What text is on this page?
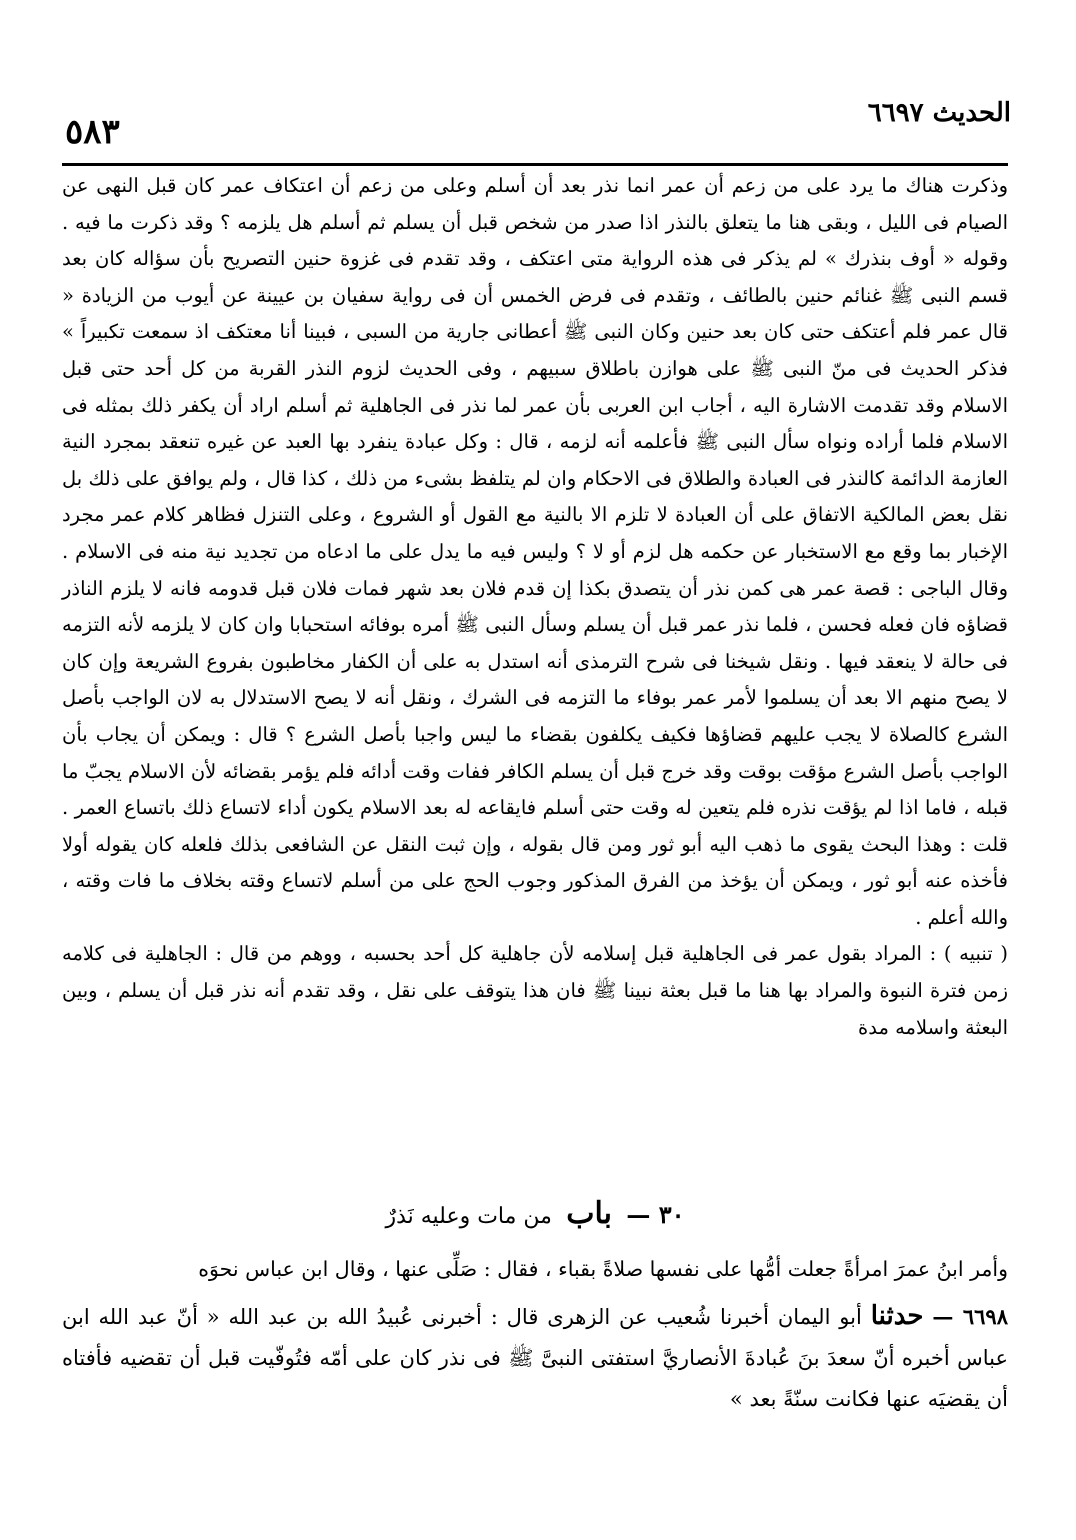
الحديث ٦٦٩٧
٥٨٣

وذكرت هناك ما يرد على من زعم أن عمر انما نذر بعد أن أسلم وعلى من زعم أن اعتكاف عمر كان قبل النهى عن الصيام فى الليل ، وبقى هنا ما يتعلق بالنذر اذا صدر من شخص قبل أن يسلم ثم أسلم هل يلزمه ؟ وقد ذكرت ما فيه . وقوله « أوف بنذرك » لم يذكر فى هذه الرواية متى اعتكف ، وقد تقدم فى غزوة حنين التصريح بأن سؤاله كان بعد قسم النبى ﷺ غنائم حنين بالطائف ، وتقدم فى فرض الخمس أن فى رواية سفيان بن عيينة عن أيوب من الزيادة « قال عمر فلم أعتكف حتى كان بعد حنين وكان النبى ﷺ أعطانى جارية من السبى ، فبينا أنا معتكف اذ سمعت تكبيراً » فذكر الحديث فى منّ النبى ﷺ على هوازن باطلاق سبيهم ، وفى الحديث لزوم النذر القربة من كل أحد حتى قبل الاسلام وقد تقدمت الاشارة اليه ، أجاب ابن العربى بأن عمر لما نذر فى الجاهلية ثم أسلم اراد أن يكفر ذلك بمثله فى الاسلام فلما أراده ونواه سأل النبى ﷺ فأعلمه أنه لزمه ، قال : وكل عبادة ينفرد بها العبد عن غيره تنعقد بمجرد النية العازمة الدائمة كالنذر فى العبادة والطلاق فى الاحكام وان لم يتلفظ بشىء من ذلك ، كذا قال ، ولم يوافق على ذلك بل نقل بعض المالكية الاتفاق على أن العبادة لا تلزم الا بالنية مع القول أو الشروع ، وعلى التنزل فظاهر كلام عمر مجرد الإخبار بما وقع مع الاستخبار عن حكمه هل لزم أو لا ؟ وليس فيه ما يدل على ما ادعاه من تجديد نية منه فى الاسلام . وقال الباجى : قصة عمر هى كمن نذر أن يتصدق بكذا إن قدم فلان بعد شهر فمات فلان قبل قدومه فانه لا يلزم الناذر قضاؤه فان فعله فحسن ، فلما نذر عمر قبل أن يسلم وسأل النبى ﷺ أمره بوفائه استحبابا وان كان لا يلزمه لأنه التزمه فى حالة لا ينعقد فيها . ونقل شيخنا فى شرح الترمذى أنه استدل به على أن الكفار مخاطبون بفروع الشريعة وإن كان لا يصح منهم الا بعد أن يسلموا لأمر عمر بوفاء ما التزمه فى الشرك ، ونقل أنه لا يصح الاستدلال به لان الواجب بأصل الشرع كالصلاة لا يجب عليهم قضاؤها فكيف يكلفون بقضاء ما ليس واجبا بأصل الشرع ؟ قال : ويمكن أن يجاب بأن الواجب بأصل الشرع مؤقت بوقت وقد خرج قبل أن يسلم الكافر ففات وقت أدائه فلم يؤمر بقضائه لأن الاسلام يجبّ ما قبله ، فاما اذا لم يؤقت نذره فلم يتعين له وقت حتى أسلم فايقاعه له بعد الاسلام يكون أداء لاتساع ذلك باتساع العمر . قلت : وهذا البحث يقوى ما ذهب اليه أبو ثور ومن قال بقوله ، وإن ثبت النقل عن الشافعى بذلك فلعله كان يقوله أولا فأخذه عنه أبو ثور ، ويمكن أن يؤخذ من الفرق المذكور وجوب الحج على من أسلم لاتساع وقته بخلاف ما فات وقته ، والله أعلم .

( تنبيه ) : المراد بقول عمر فى الجاهلية قبل إسلامه لأن جاهلية كل أحد بحسبه ، ووهم من قال : الجاهلية فى كلامه زمن فترة النبوة والمراد بها هنا ما قبل بعثة نبينا ﷺ فان هذا يتوقف على نقل ، وقد تقدم أنه نذر قبل أن يسلم ، وبين البعثة واسلامه مدة

٣٠ — باب من مات وعليه نَذرٌ
وأمر ابنُ عمرَ امرأةً جعلت أمُّها على نفسها صلاةً بقباء ، فقال : صَلِّى عنها ، وقال ابن عباس نحوَه
٦٦٩٨ — حدثنا أبو اليمان أخبرنا شُعيب عن الزهرى قال : أخبرنى عُبيدُ الله بن عبد الله « أنّ عبد الله ابن عباس أخبره أنّ سعدَ بنَ عُبادةَ الأنصاريَّ استفتى النبىَّ ﷺ فى نذر كان على أمّه فتُوفّيت قبل أن تقضيه فأفتاه أن يقضيَه عنها فكانت سنّةً بعد »
